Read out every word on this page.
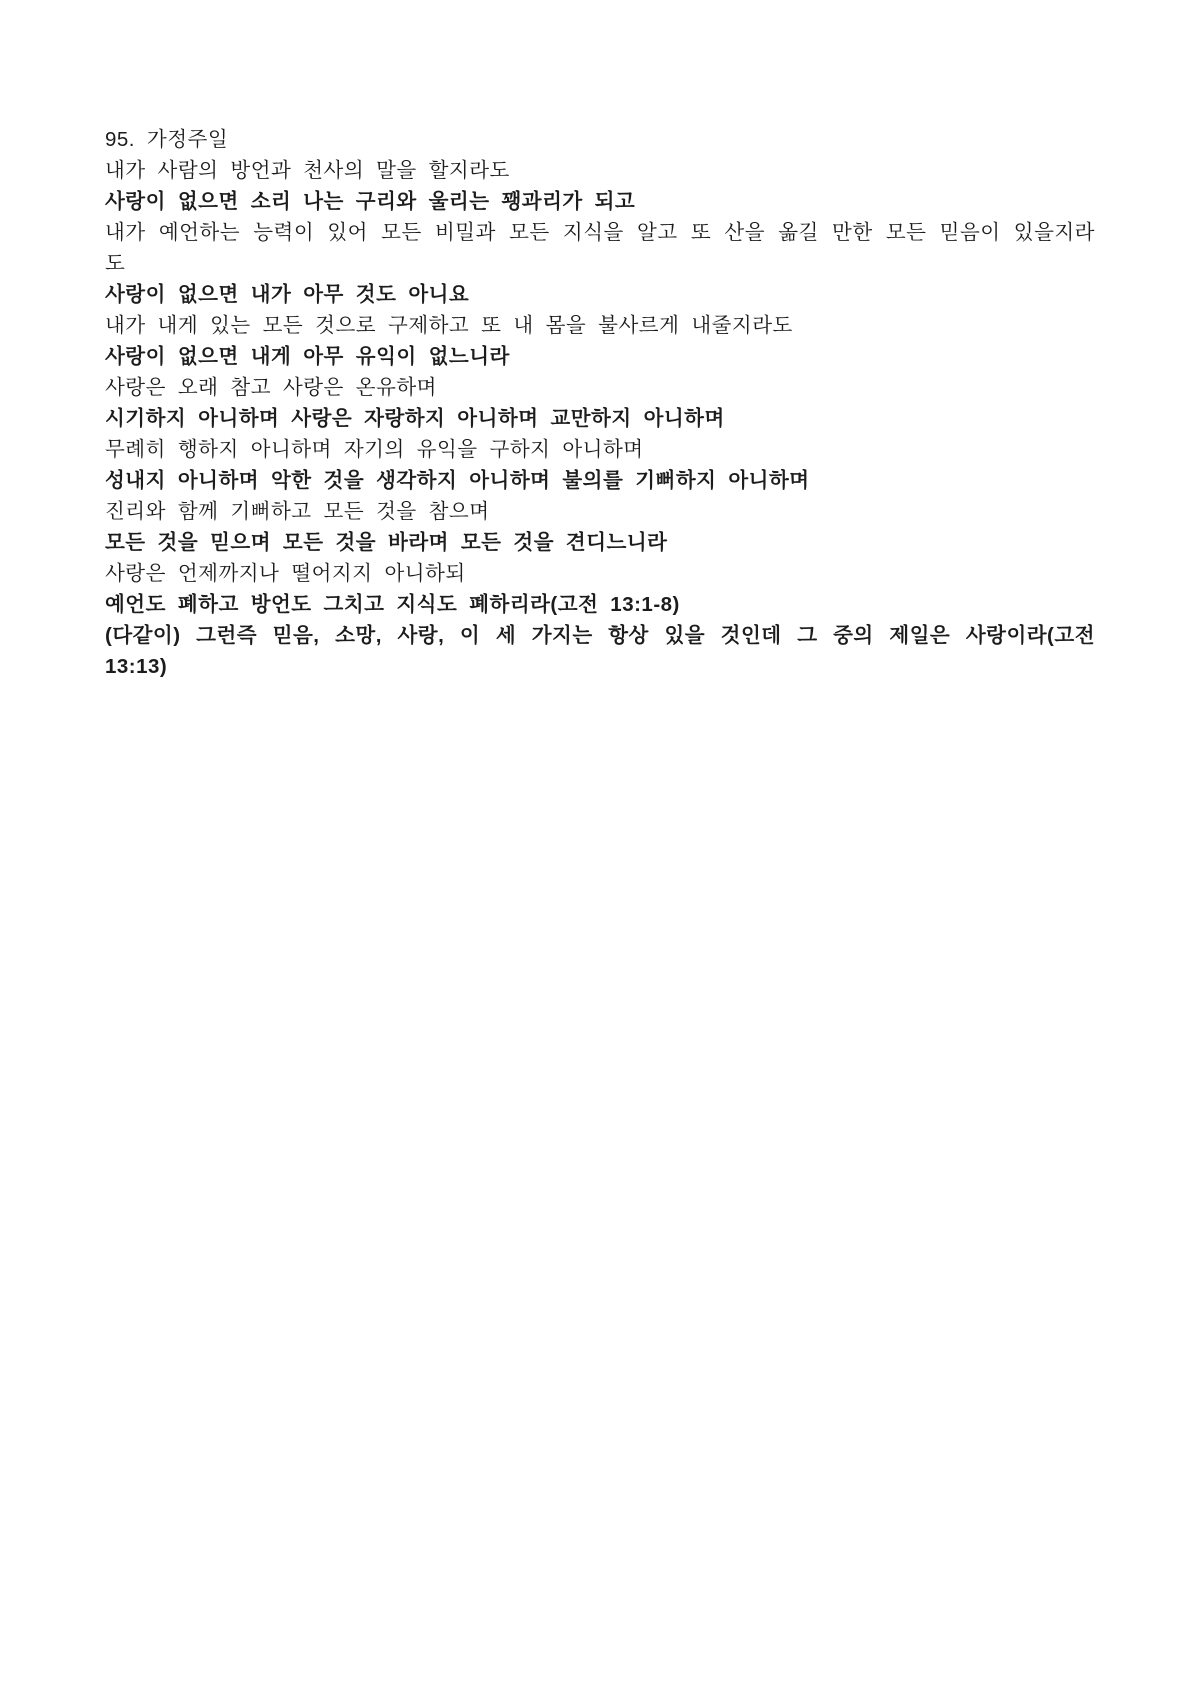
95. 가정주일

내가 사람의 방언과 천사의 말을 할지라도

사랑이 없으면 소리 나는 구리와 울리는 꽹과리가 되고

내가 예언하는 능력이 있어 모든 비밀과 모든 지식을 알고 또 산을 옮길 만한 모든 믿음이 있을지라도

사랑이 없으면 내가 아무 것도 아니요

내가 내게 있는 모든 것으로 구제하고 또 내 몸을 불사르게 내줄지라도

사랑이 없으면 내게 아무 유익이 없느니라

사랑은 오래 참고 사랑은 온유하며

시기하지 아니하며 사랑은 자랑하지 아니하며 교만하지 아니하며

무례히 행하지 아니하며 자기의 유익을 구하지 아니하며

성내지 아니하며 악한 것을 생각하지 아니하며 불의를 기뻐하지 아니하며

진리와 함께 기뻐하고 모든 것을 참으며

모든 것을 믿으며 모든 것을 바라며 모든 것을 견디느니라

사랑은 언제까지나 떨어지지 아니하되

예언도 폐하고 방언도 그치고 지식도 폐하리라(고전 13:1-8)

(다같이) 그런즉 믿음, 소망, 사랑, 이 세 가지는 항상 있을 것인데 그 중의 제일은 사랑이라(고전 13:13)
